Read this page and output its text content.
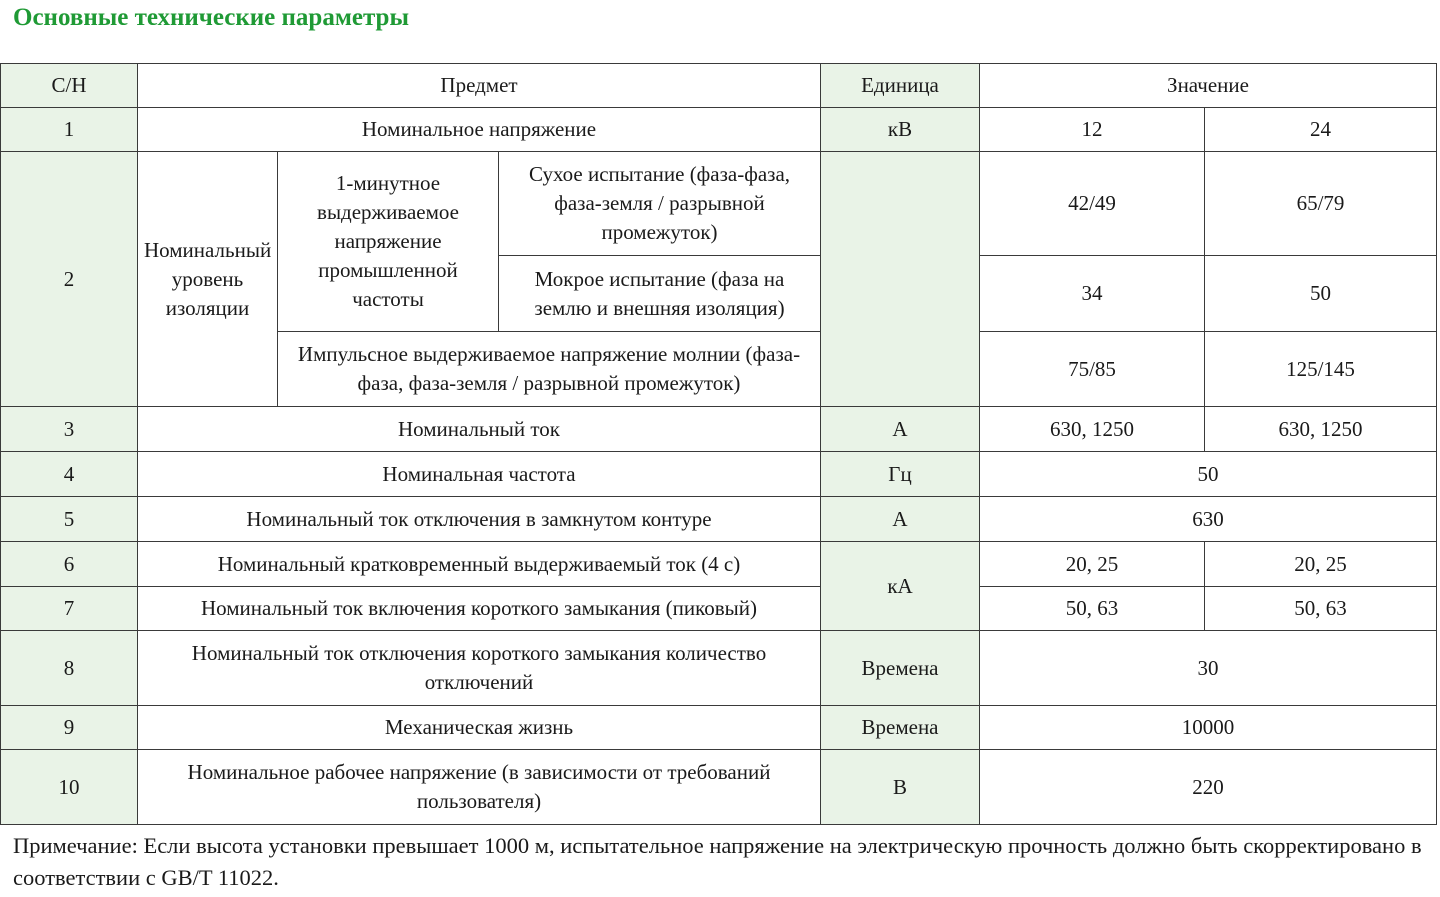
Основные технические параметры
С/Н	Предмет			Единица	Значение	
1	Номинальное напряжение			кВ	12	24
2	Номинальный уровень изоляции	1-минутное выдерживаемое напряжение промышленной частоты	Сухое испытание (фаза-фаза, фаза-земля / разрывной промежуток)		42/49	65/79
			Мокрое испытание (фаза на землю и внешняя изоляция)		34	50
		Импульсное выдерживаемое напряжение молнии (фаза-фаза, фаза-земля / разрывной промежуток)			75/85	125/145
3	Номинальный ток			А	630, 1250	630, 1250
4	Номинальная частота			Гц	50	
5	Номинальный ток отключения в замкнутом контуре			А	630	
6	Номинальный кратковременный выдерживаемый ток (4 с)			кА	20, 25	20, 25
7	Номинальный ток включения короткого замыкания (пиковый)				50, 63	50, 63
8	Номинальный ток отключения короткого замыкания количество отключений			Времена	30	
9	Механическая жизнь			Времена	10000	
10	Номинальное рабочее напряжение (в зависимости от требований пользователя)			В	220	
Примечание: Если высота установки превышает 1000 м, испытательное напряжение на электрическую прочность должно быть скорректировано в соответствии с GB/T 11022.
